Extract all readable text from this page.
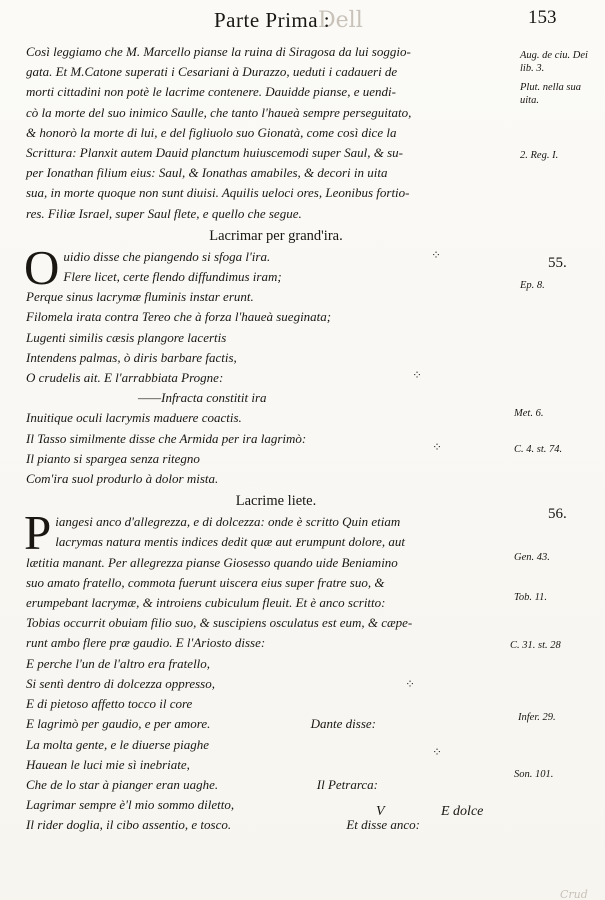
Dell
Crud
Parte Prima :	153
Così leggiamo che M. Marcello pianse la ruina di Siragosa da lui soggio-
gata. Et M.Catone superati i Cesariani à Durazzo, ueduti i cadaueri de
morti cittadini non potè le lacrime contenere. Dauidde pianse, e uendi-
cò la morte del suo inimico Saulle, che tanto l'haueà sempre perseguitato,
& honorò la morte di lui, e del figliuolo suo Gionatà, come così dice la
Scrittura: Planxit autem Dauid planctum huiuscemodi super Saul, & su-
per Ionathan filium eius: Saul, & Ionathas amabiles, & decori in uita
sua, in morte quoque non sunt diuisi. Aquilis ueloci ores, Leonibus fortio-
res. Filiæ Israel, super Saul flete, e quello che segue.
Lacrimar per grand'ira.
O uidio disse che piangendo si sfoga l'ira.
Flere licet, certe flendo diffundimus iram;
Perque sinus lacrymæ fluminis instar erunt.
Filomela irata contra Tereo che à forza l'haueà sueginata;
Lugenti similis cæsis plangore lacertis
Intendens palmas, ò diris barbare factis,
O crudelis ait. E l'arrabbiata Progne:
——Infracta constitit ira
Inuitique oculi lacrymis maduere coactis.
Il Tasso similmente disse che Armida per ira lagrimò:
Il pianto si spargea senza ritegno
Com'ira suol produrlo à dolor mista.
Lacrime liete.
P iangesi anco d'allegrezza, e di dolcezza: onde è scritto Quin etiam
lacrymas natura mentis indices dedit quæ aut erumpunt dolore, aut
lætitia manant. Per allegrezza pianse Giosesso quando uide Beniamino
suo amato fratello, commota fuerunt uiscera eius super fratre suo, &
erumpebant lacrymæ, & introiens cubiculum fleuit. Et è anco scritto:
Tobias occurrit obuiam filio suo, & suscipiens osculatus est eum, & cæpe-
runt ambo flere præ gaudio. E l'Ariosto disse:
E perche l'un de l'altro era fratello,
Si sentì dentro di dolcezza oppresso,
E di pietoso affetto tocco il core
E lagrimò per gaudio, e per amore.	Dante disse:
La molta gente, e le diuerse piaghe
Hauean le luci mie sì inebriate,
Che de lo star à pianger eran uaghe.	Il Petrarca:
Lagrimar sempre è'l mio sommo diletto,
Il rider doglia, il cibo assentio, e tosco.	Et disse anco:
Aug. de ciu. Dei lib. 3.
Plut. nella sua uita.
2. Reg. I.
55.
Ep. 8.
Met. 6.
C. 4. st. 74.
56.
Gen. 43.
Tob. 11.
C. 31. st. 28
Infer. 29.
Son. 101.
⁘
⁘
⁘
⁘
⁘
V	E dolce
